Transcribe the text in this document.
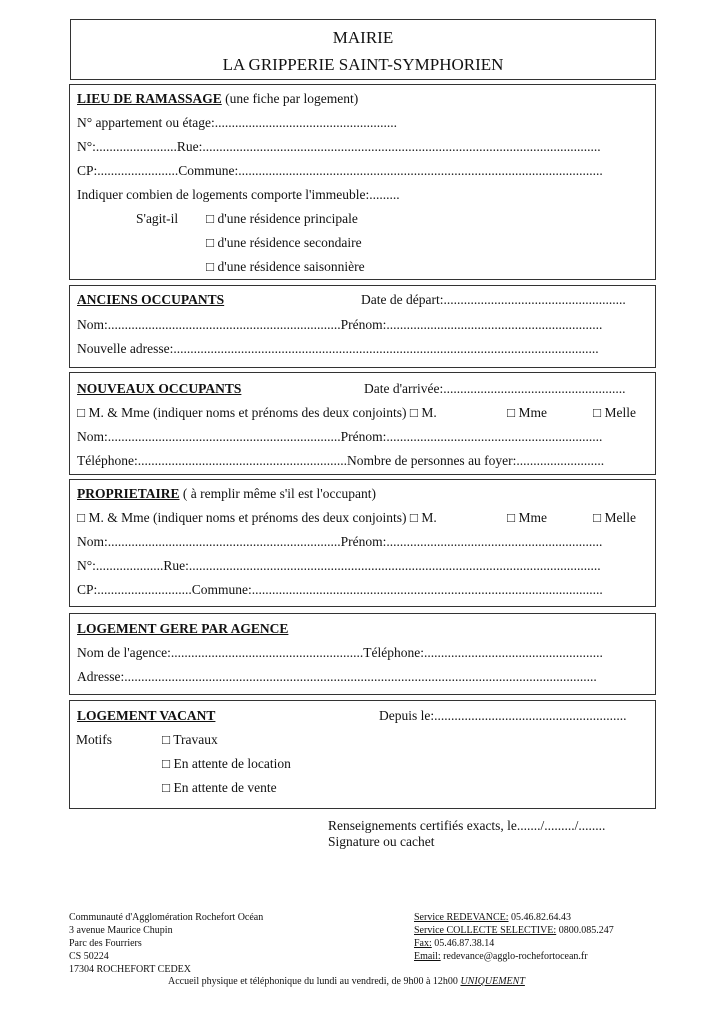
MAIRIE
LA GRIPPERIE SAINT-SYMPHORIEN
LIEU DE RAMASSAGE (une fiche par logement)
N° appartement ou étage:......................................................
N°:........................Rue:......................................................................................................................
CP:........................Commune:............................................................................................................
Indiquer combien de logements comporte l'immeuble:.........
S'agit-il □ d'une résidence principale
□ d'une résidence secondaire
□ d'une résidence saisonnière
ANCIENS OCCUPANTS	Date de départ:......................................................
Nom:.....................................................................Prénom:................................................................
Nouvelle adresse:..............................................................................................................................
NOUVEAUX OCCUPANTS	Date d'arrivée:......................................................
□ M. & Mme (indiquer noms et prénoms des deux conjoints) □ M.	□ Mme	□ Melle
Nom:.....................................................................Prénom:................................................................
Téléphone:..............................................................Nombre de personnes au foyer:..........................
PROPRIETAIRE ( à remplir même s'il est l'occupant)
□ M. & Mme (indiquer noms et prénoms des deux conjoints) □ M.	□ Mme	□ Melle
Nom:.....................................................................Prénom:................................................................
N°:....................Rue:..........................................................................................................................
CP:............................Commune:........................................................................................................
LOGEMENT GERE PAR AGENCE
Nom de l'agence:.........................................................Téléphone:.....................................................
Adresse:............................................................................................................................................
LOGEMENT VACANT	Depuis le:.........................................................
Motifs	□ Travaux
□ En attente de location
□ En attente de vente
Renseignements certifiés exacts, le......./........./........
Signature ou cachet
Communauté d'Agglomération Rochefort Océan
3 avenue Maurice Chupin
Parc des Fourriers
CS 50224
17304 ROCHEFORT CEDEX
Service REDEVANCE: 05.46.82.64.43
Service COLLECTE SELECTIVE: 0800.085.247
Fax: 05.46.87.38.14
Email: redevance@agglo-rochefortocean.fr
Accueil physique et téléphonique du lundi au vendredi, de 9h00 à 12h00 UNIQUEMENT
